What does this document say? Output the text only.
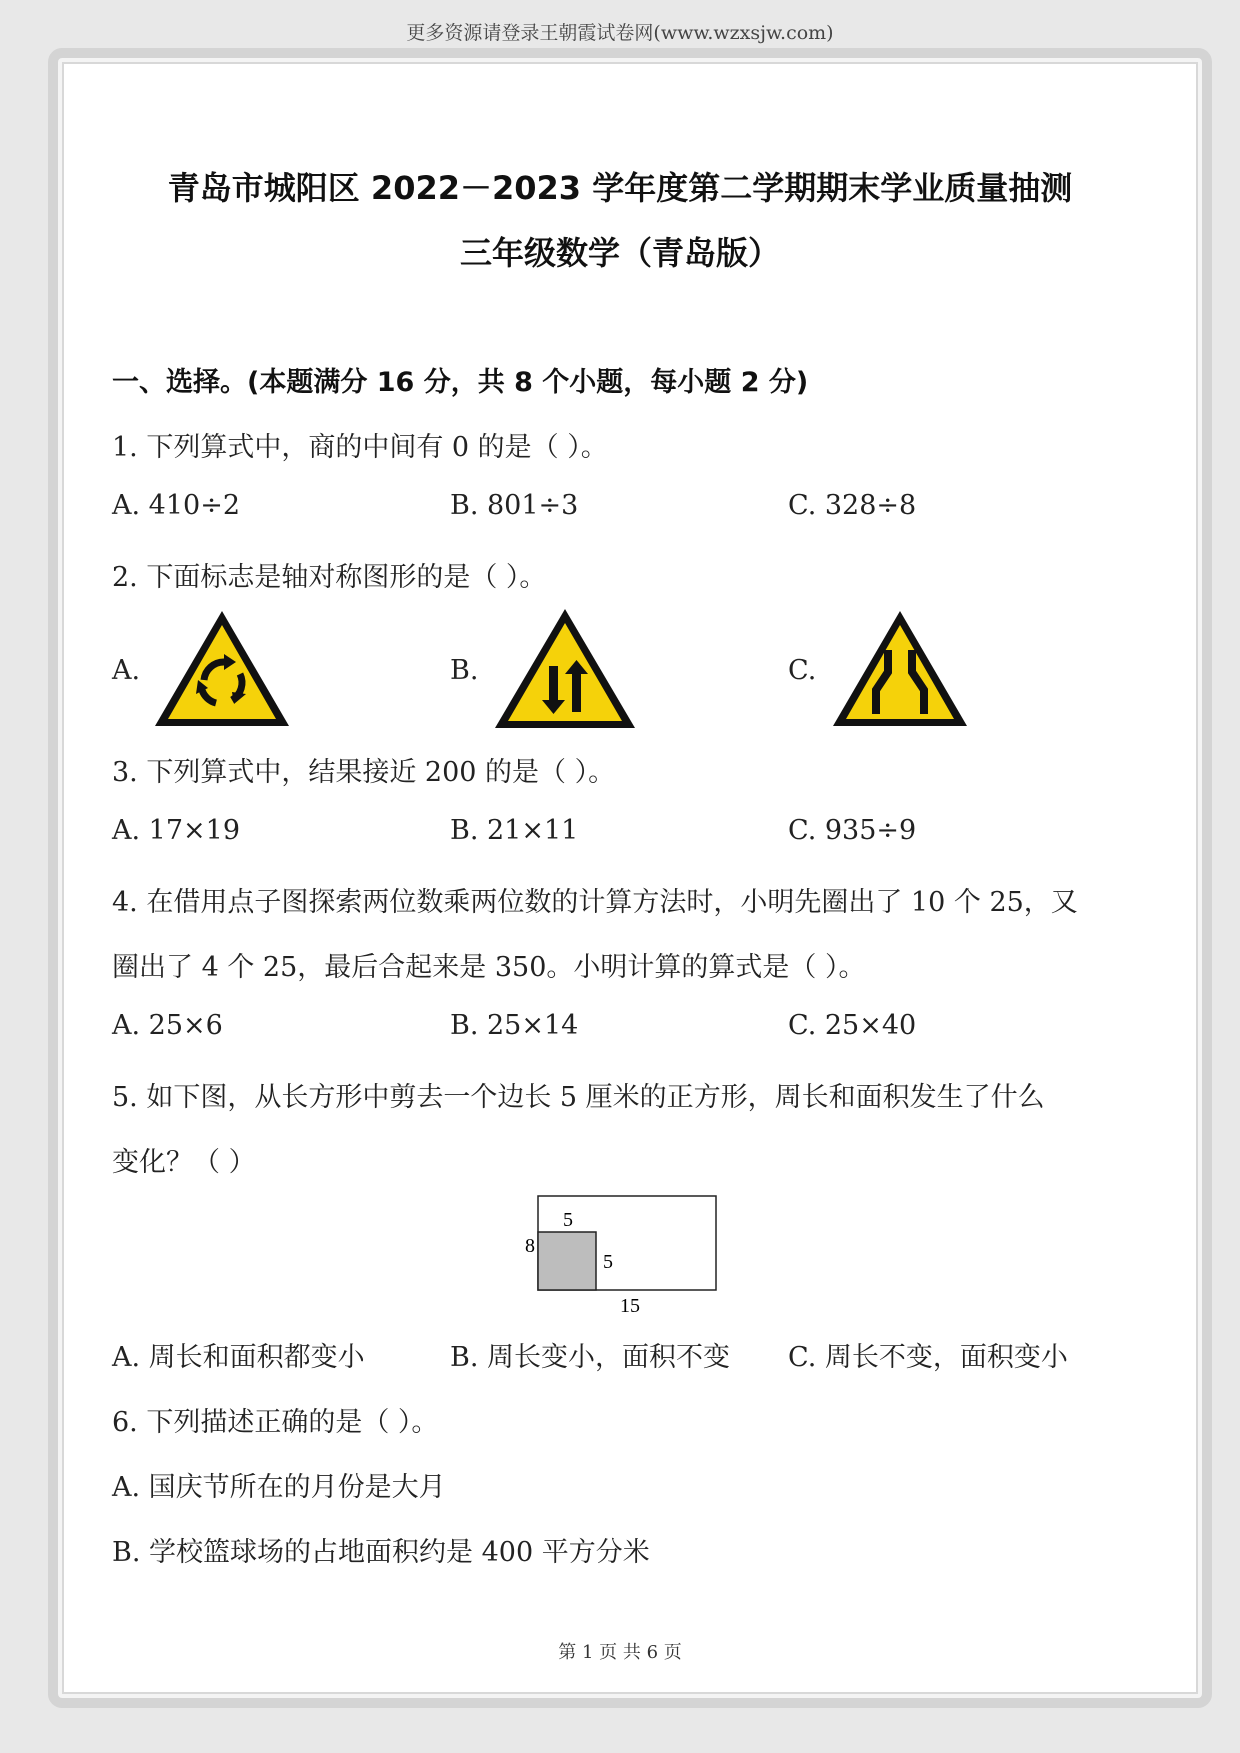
更多资源请登录王朝霞试卷网(www.wzxsjw.com)
青岛市城阳区 2022－2023 学年度第二学期期末学业质量抽测
三年级数学（青岛版）
一、选择。(本题满分 16 分，共 8 个小题，每小题 2 分)
1. 下列算式中，商的中间有 0 的是（ ）。
A. 410÷2	B. 801÷3	C. 328÷8
2. 下面标志是轴对称图形的是（ ）。
A.	B.	C.
3. 下列算式中，结果接近 200 的是（ ）。
A. 17×19	B. 21×11	C. 935÷9
4. 在借用点子图探索两位数乘两位数的计算方法时，小明先圈出了 10 个 25，又
圈出了 4 个 25，最后合起来是 350。小明计算的算式是（ ）。
A. 25×6	B. 25×14	C. 25×40
5. 如下图，从长方形中剪去一个边长 5 厘米的正方形，周长和面积发生了什么
变化？（ ）
5
8
5
15
A. 周长和面积都变小	B. 周长变小，面积不变 C. 周长不变，面积变小
6. 下列描述正确的是（ ）。
A. 国庆节所在的月份是大月
B. 学校篮球场的占地面积约是 400 平方分米
第 1 页 共 6 页
